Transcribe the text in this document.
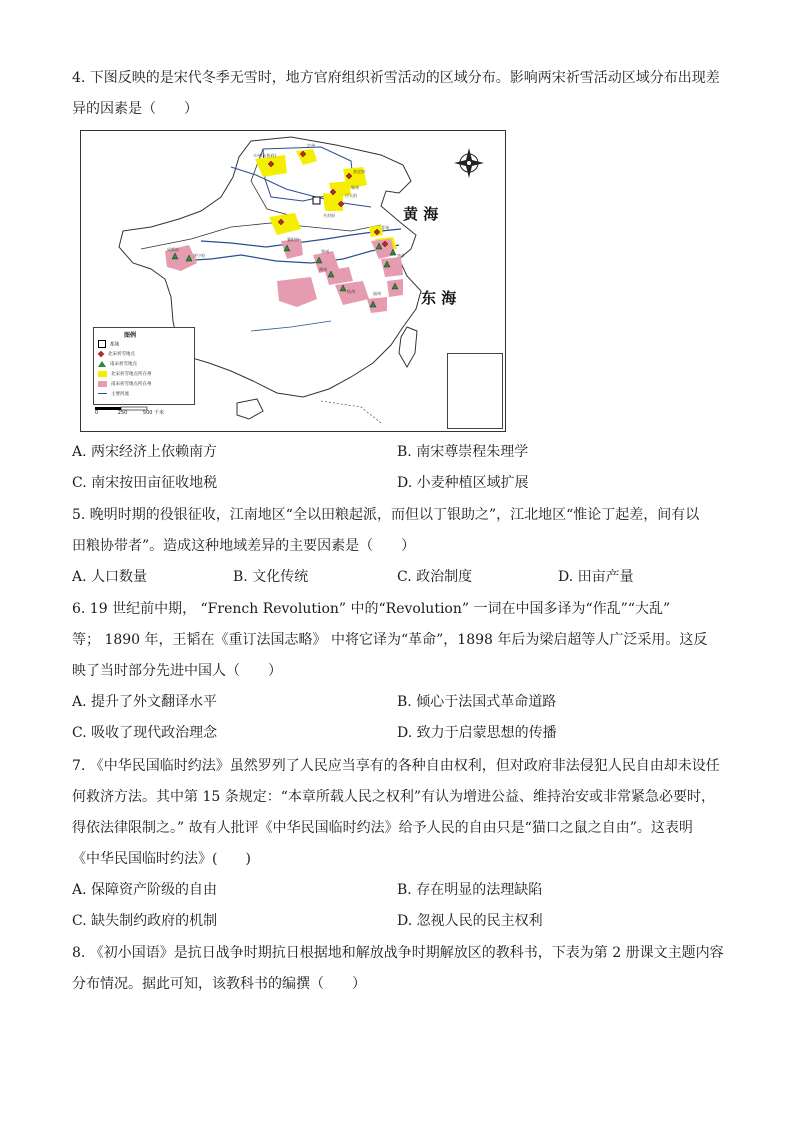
4. 下图反映的是宋代冬季无雪时，地方官府组织祈雪活动的区域分布。影响两宋祈雪活动区域分布出现差
异的因素是（　　）
黄 海
东 海
丰州(永和府)
定州
真定府
开封府
应天府
郓州
青州
成都府
遂宁府
襄阳府
鄂州
潭州
南京
杭州	福州
图例
都城
北宋祈雪地点
南宋祈雪地点
北宋祈雪地点所在州
南宋祈雪地点所在州
主要河流
0	250	500 千米
A. 两宋经济上依赖南方	B. 南宋尊崇程朱理学
C. 南宋按田亩征收地税	D. 小麦种植区域扩展
5. 晚明时期的役银征收，江南地区“全以田粮起派，而但以丁银助之”，江北地区“惟论丁起差，间有以
田粮协带者”。造成这种地域差异的主要因素是（　　）
A. 人口数量	B. 文化传统	C. 政治制度	D. 田亩产量
6. 19 世纪前中期， “French Revolution” 中的“Revolution” 一词在中国多译为“作乱”“大乱”
等； 1890 年，王韬在《重订法国志略》 中将它译为“革命”，1898 年后为梁启超等人广泛采用。这反
映了当时部分先进中国人（　　）
A. 提升了外文翻译水平	B. 倾心于法国式革命道路
C. 吸收了现代政治理念	D. 致力于启蒙思想的传播
7. 《中华民国临时约法》虽然罗列了人民应当享有的各种自由权利，但对政府非法侵犯人民自由却未设任
何救济方法。其中第 15 条规定：“本章所载人民之权利”有认为增进公益、维持治安或非常紧急必要时，
得依法律限制之。” 故有人批评《中华民国临时约法》给予人民的自由只是“猫口之鼠之自由”。这表明
《中华民国临时约法》(　　)
A. 保障资产阶级的自由	B. 存在明显的法理缺陷
C. 缺失制约政府的机制	D. 忽视人民的民主权利
8. 《初小国语》是抗日战争时期抗日根据地和解放战争时期解放区的教科书，下表为第 2 册课文主题内容
分布情况。据此可知，该教科书的编撰（　　）
